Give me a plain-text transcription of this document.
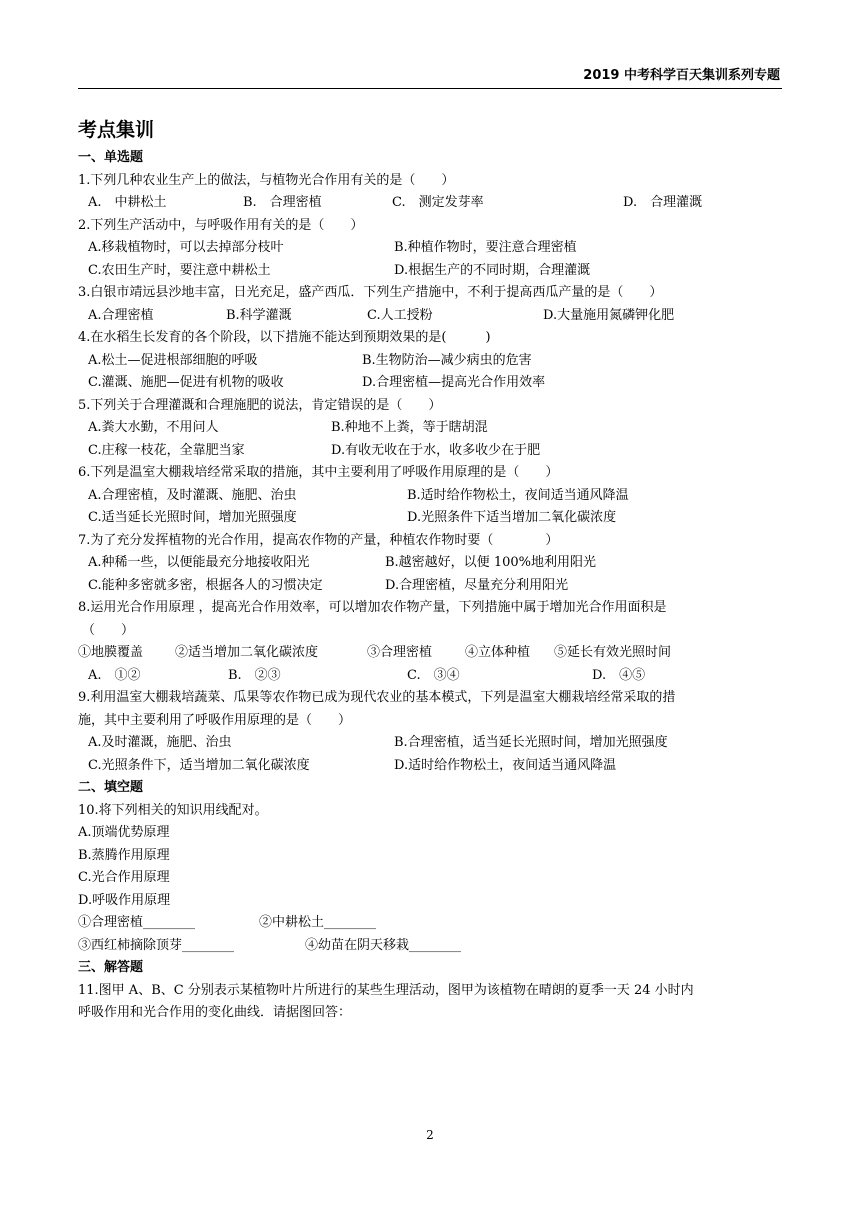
2019 中考科学百天集训系列专题
考点集训
一、单选题
1.下列几种农业生产上的做法，与植物光合作用有关的是（　　）
A.　中耕松土	B.　合理密植	C.　测定发芽率	D.　合理灌溉
2.下列生产活动中，与呼吸作用有关的是（　　）
A.移栽植物时，可以去掉部分枝叶	B.种植作物时，要注意合理密植
C.农田生产时，要注意中耕松土	D.根据生产的不同时期，合理灌溉
3.白银市靖远县沙地丰富，日光充足，盛产西瓜．下列生产措施中，不利于提高西瓜产量的是（　　）
A.合理密植	B.科学灌溉	C.人工授粉	D.大量施用氮磷钾化肥
4.在水稻生长发育的各个阶段，以下措施不能达到预期效果的是(　　　)
A.松土—促进根部细胞的呼吸	B.生物防治—减少病虫的危害
C.灌溉、施肥—促进有机物的吸收	D.合理密植—提高光合作用效率
5.下列关于合理灌溉和合理施肥的说法，肯定错误的是（　　）
A.粪大水勤，不用问人	B.种地不上粪，等于瞎胡混
C.庄稼一枝花，全靠肥当家	D.有收无收在于水，收多收少在于肥
6.下列是温室大棚栽培经常采取的措施，其中主要利用了呼吸作用原理的是（　　）
A.合理密植，及时灌溉、施肥、治虫	B.适时给作物松土，夜间适当通风降温
C.适当延长光照时间，增加光照强度	D.光照条件下适当增加二氧化碳浓度
7.为了充分发挥植物的光合作用，提高农作物的产量，种植农作物时要（　　　　）
A.种稀一些，以便能最充分地接收阳光	B.越密越好，以便 100%地利用阳光
C.能种多密就多密，根据各人的习惯决定	D.合理密植，尽量充分利用阳光
8.运用光合作用原理 ，提高光合作用效率，可以增加农作物产量，下列措施中属于增加光合作用面积是
（　　）
①地膜覆盖 ②适当增加二氧化碳浓度	③合理密植	④立体种植 ⑤延长有效光照时间
A.　①②	B.　②③	C.　③④	D.　④⑤
9.利用温室大棚栽培蔬菜、瓜果等农作物已成为现代农业的基本模式，下列是温室大棚栽培经常采取的措
施，其中主要利用了呼吸作用原理的是（　　）
A.及时灌溉，施肥、治虫	B.合理密植，适当延长光照时间，增加光照强度
C.光照条件下，适当增加二氧化碳浓度	D.适时给作物松土，夜间适当通风降温
二、填空题
10.将下列相关的知识用线配对。
A.顶端优势原理
B.蒸腾作用原理
C.光合作用原理
D.呼吸作用原理
①合理密植________	②中耕松土________
③西红柿摘除顶芽________	④幼苗在阴天移栽________
三、解答题
11.图甲 A、B、C 分别表示某植物叶片所进行的某些生理活动，图甲为该植物在晴朗的夏季一天 24 小时内
呼吸作用和光合作用的变化曲线．请据图回答：
2
